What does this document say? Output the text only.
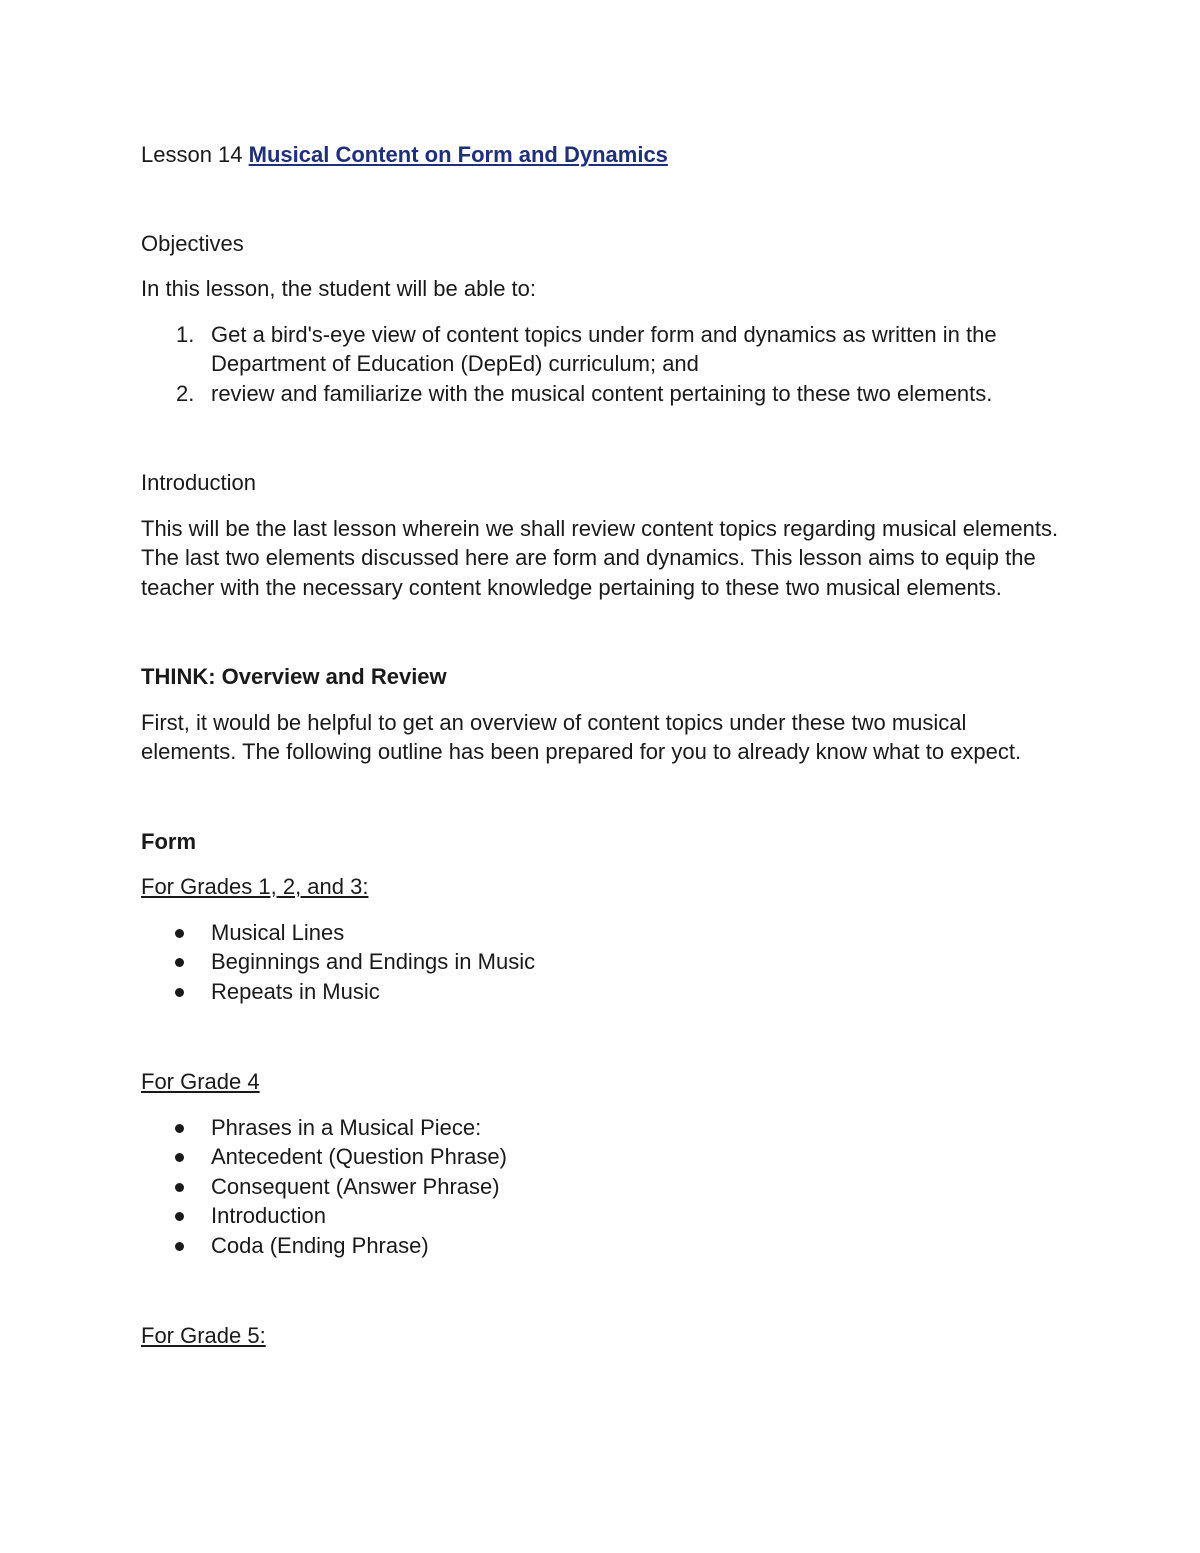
Lesson 14 Musical Content on Form and Dynamics

Objectives

In this lesson, the student will be able to:

1. Get a bird's-eye view of content topics under form and dynamics as written in the Department of Education (DepEd) curriculum; and
2. review and familiarize with the musical content pertaining to these two elements.

Introduction

This will be the last lesson wherein we shall review content topics regarding musical elements. The last two elements discussed here are form and dynamics. This lesson aims to equip the teacher with the necessary content knowledge pertaining to these two musical elements.

THINK: Overview and Review

First, it would be helpful to get an overview of content topics under these two musical elements. The following outline has been prepared for you to already know what to expect.

Form

For Grades 1, 2, and 3:

Musical Lines
Beginnings and Endings in Music
Repeats in Music

For Grade 4

Phrases in a Musical Piece:
Antecedent (Question Phrase)
Consequent (Answer Phrase)
Introduction
Coda (Ending Phrase)

For Grade 5:
